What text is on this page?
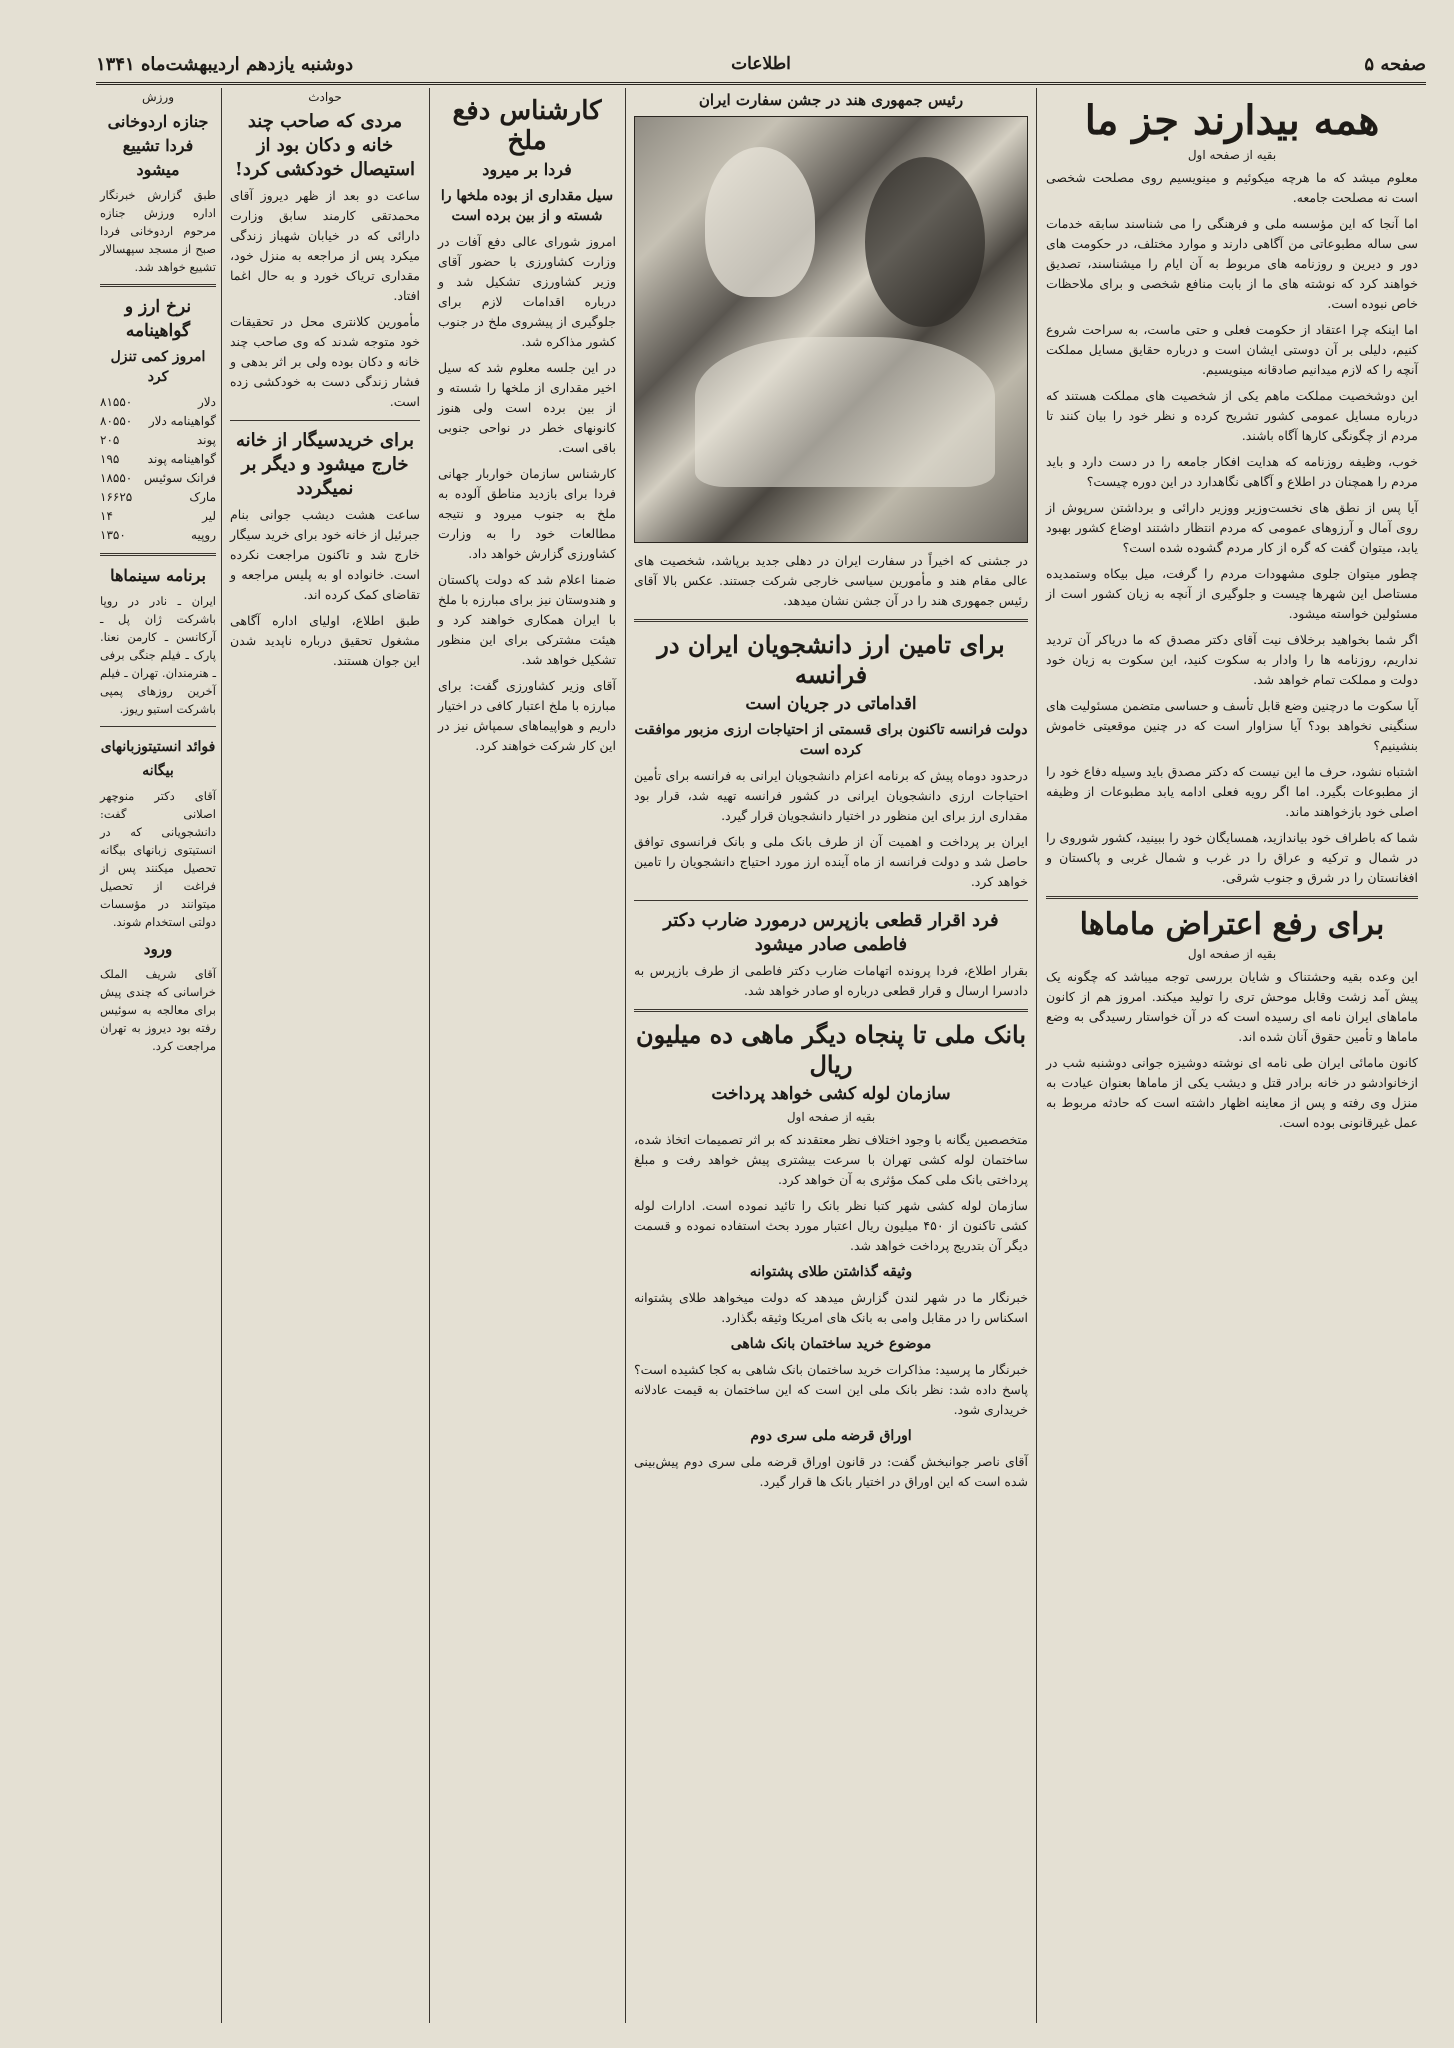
صفحه ۵
اطلاعات
دوشنبه یازدهم اردیبهشت‌ماه ۱۳۴۱
همه بیدارند جز ما
بقیه از صفحه اول

معلوم میشد که ما هرچه میکوئیم و مینویسیم روی مصلحت شخصی است نه مصلحت جامعه.

اما آنجا که این مؤسسه ملی و فرهنگی را می شناسند سابقه خدمات سی ساله مطبوعاتی من آگاهی دارند و موارد مختلف، در حکومت های دور و دیرین و روزنامه های مربوط به آن ایام را میشناسند، تصدیق خواهند کرد که نوشته های ما از بابت منافع شخصی و برای ملاحظات خاص نبوده است.

اما اینکه چرا اعتقاد از حکومت فعلی و حتی ماست، به سراحت شروع کنیم، دلیلی بر آن دوستی ایشان است و درباره حقایق مسایل مملکت آنچه را که لازم میدانیم صادقانه مینویسیم.

این دوشخصیت مملکت ماهم یکی از شخصیت های مملکت هستند که درباره مسایل عمومی کشور تشریح کرده و نظر خود را بیان کنند تا مردم از چگونگی کارها آگاه باشند.

خوب، وظیفه روزنامه که هدایت افکار جامعه را در دست دارد و باید مردم را همچنان در اطلاع و آگاهی نگاهدارد در این دوره چیست؟

آیا پس از نطق های نخست‌وزیر ووزیر دارائی و برداشتن سرپوش از روی آمال و آرزوهای عمومی که مردم انتظار داشتند اوضاع کشور بهبود یابد، میتوان گفت که گره از کار مردم گشوده شده است؟

چطور میتوان جلوی مشهودات مردم را گرفت، میل بیکاه وستمدیده مستاصل این شهرها چیست و جلوگیری از آنچه به زیان کشور است از مسئولین خواسته میشود.

اگر شما بخواهید برخلاف نیت آقای دکتر مصدق که ما دریاکر آن تردید نداریم، روزنامه ها را وادار به سکوت کنید، این سکوت به زیان خود دولت و مملکت تمام خواهد شد.

آیا سکوت ما درچنین وضع قابل تأسف و حساسی متضمن مسئولیت های سنگینی نخواهد بود؟ آیا سزاوار است که در چنین موقعیتی خاموش بنشینیم؟

اشتباه نشود، حرف ما این نیست که دکتر مصدق باید وسیله دفاع خود را از مطبوعات بگیرد. اما اگر رویه فعلی ادامه یابد مطبوعات از وظیفه اصلی خود بازخواهند ماند.

شما که باطراف خود بیاندازید، همسایگان خود را ببینید، کشور شوروی را در شمال و ترکیه و عراق را در غرب و شمال غربی و پاکستان و افغانستان را در شرق و جنوب شرقی.

برای رفع اعتراض ماماها
بقیه از صفحه اول

این وعده بقیه وحشتناک و شایان بررسی توجه میباشد که چگونه یک پیش آمد زشت وقابل موحش تری را تولید میکند. امروز هم از کانون ماماهای ایران نامه ای رسیده است که در آن خواستار رسیدگی به وضع ماماها و تأمین حقوق آنان شده اند.

کانون مامائی ایران طی نامه ای نوشته دوشیزه جوانی دوشنبه شب در ازخانوادشو در خانه برادر قتل و دیشب یکی از ماماها بعنوان عیادت به منزل وی رفته و پس از معاینه اظهار داشته است که حادثه مربوط به عمل غیرقانونی بوده است.

رئیس جمهوری هند در جشن سفارت ایران

در جشنی که اخیراً در سفارت ایران در دهلی جدید برپاشد، شخصیت های عالی مقام هند و مأمورین سیاسی خارجی شرکت جستند. عکس بالا آقای رئیس جمهوری هند را در آن جشن نشان میدهد.

برای تامین ارز دانشجویان ایران در فرانسه
اقداماتی در جریان است
دولت فرانسه تاکنون برای قسمتی از احتیاجات ارزی مزبور موافقت کرده است

درحدود دوماه پیش که برنامه اعزام دانشجویان ایرانی به فرانسه برای تأمین احتیاجات ارزی دانشجویان ایرانی در کشور فرانسه تهیه شد، قرار بود مقداری ارز برای این منظور در اختیار دانشجویان قرار گیرد.

ایران بر پرداخت و اهمیت آن از طرف بانک ملی و بانک فرانسوی توافق حاصل شد و دولت فرانسه از ماه آینده ارز مورد احتیاج دانشجویان را تامین خواهد کرد.

فرد اقرار قطعی بازپرس درمورد ضارب دکتر فاطمی صادر میشود

بقرار اطلاع، فردا پرونده اتهامات ضارب دکتر فاطمی از طرف بازپرس به دادسرا ارسال و قرار قطعی درباره او صادر خواهد شد.

بانک ملی تا پنجاه دیگر ماهی ده میلیون ریال
سازمان لوله کشی خواهد پرداخت
بقیه از صفحه اول

متخصصین یگانه با وجود اختلاف نظر معتقدند که بر اثر تصمیمات اتخاذ شده، ساختمان لوله کشی تهران با سرعت بیشتری پیش خواهد رفت و مبلغ پرداختی بانک ملی کمک مؤثری به آن خواهد کرد.

سازمان لوله کشی شهر کتبا نظر بانک را تائید نموده است. ادارات لوله کشی تاکنون از ۴۵۰ میلیون ریال اعتبار مورد بحث استفاده نموده و قسمت دیگر آن بتدریج پرداخت خواهد شد.

وثیقه گذاشتن طلای پشتوانه

خبرنگار ما در شهر لندن گزارش میدهد که دولت میخواهد طلای پشتوانه اسکناس را در مقابل وامی به بانک های امریکا وثیقه بگذارد.

موضوع خرید ساختمان بانک شاهی

خبرنگار ما پرسید: مذاکرات خرید ساختمان بانک شاهی به کجا کشیده است؟ پاسخ داده شد: نظر بانک ملی این است که این ساختمان به قیمت عادلانه خریداری شود.

اوراق قرضه ملی سری دوم

آقای ناصر جوانبخش گفت: در قانون اوراق قرضه ملی سری دوم پیش‌بینی شده است که این اوراق در اختیار بانک ها قرار گیرد.

کارشناس دفع ملخ
فردا بر میرود
سیل مقداری از بوده ملخها را شسته و از بین برده است

امروز شورای عالی دفع آفات در وزارت کشاورزی با حضور آقای وزیر کشاورزی تشکیل شد و درباره اقدامات لازم برای جلوگیری از پیشروی ملخ در جنوب کشور مذاکره شد.

در این جلسه معلوم شد که سیل اخیر مقداری از ملخها را شسته و از بین برده است ولی هنوز کانونهای خطر در نواحی جنوبی باقی است.

کارشناس سازمان خواربار جهانی فردا برای بازدید مناطق آلوده به ملخ به جنوب میرود و نتیجه مطالعات خود را به وزارت کشاورزی گزارش خواهد داد.

ضمنا اعلام شد که دولت پاکستان و هندوستان نیز برای مبارزه با ملخ با ایران همکاری خواهند کرد و هیئت مشترکی برای این منظور تشکیل خواهد شد.

آقای وزیر کشاورزی گفت: برای مبارزه با ملخ اعتبار کافی در اختیار داریم و هواپیماهای سمپاش نیز در این کار شرکت خواهند کرد.

حوادث
مردی که صاحب چند خانه و دکان بود از استیصال خودکشی کرد!

ساعت دو بعد از ظهر دیروز آقای محمدتقی کارمند سابق وزارت دارائی که در خیابان شهباز زندگی میکرد پس از مراجعه به منزل خود، مقداری تریاک خورد و به حال اغما افتاد.

مأمورین کلانتری محل در تحقیقات خود متوجه شدند که وی صاحب چند خانه و دکان بوده ولی بر اثر بدهی و فشار زندگی دست به خودکشی زده است.

برای خریدسیگار از خانه خارج میشود و دیگر بر نمیگردد

ساعت هشت دیشب جوانی بنام جبرئیل از خانه خود برای خرید سیگار خارج شد و تاکنون مراجعت نکرده است. خانواده او به پلیس مراجعه و تقاضای کمک کرده اند.

طبق اطلاع، اولیای اداره آگاهی مشغول تحقیق درباره ناپدید شدن این جوان هستند.

ورزش
جنازه اردوخانی فردا تشییع میشود

طبق گزارش خبرنگار اداره ورزش جنازه مرحوم اردوخانی فردا صبح از مسجد سپهسالار تشییع خواهد شد.

نرخ ارز و گواهینامه
امروز کمی تنزل کرد
دلار
۸۱۵۵۰
گواهینامه دلار
۸۰۵۵۰
پوند
۲۰۵
گواهینامه پوند
۱۹۵
فرانک سوئیس
۱۸۵۵۰
مارک
۱۶۶۲۵
لیر
۱۴
روپیه
۱۳۵۰
برنامه سینماها

ایران ـ نادر در روپا باشرکت ژان پل ـ آرکانسن ـ کارمن نعنا. پارک ـ فیلم جنگی برفی ـ هنرمندان. تهران ـ فیلم آخرین روزهای پمپی باشرکت استیو ریوز.

فوائد انستیتوزبانهای بیگانه

آقای دکتر منوچهر اصلانی گفت: دانشجویانی که در انستیتوی زبانهای بیگانه تحصیل میکنند پس از فراغت از تحصیل میتوانند در مؤسسات دولتی استخدام شوند.

ورود

آقای شریف الملک خراسانی که چندی پیش برای معالجه به سوئیس رفته بود دیروز به تهران مراجعت کرد.
